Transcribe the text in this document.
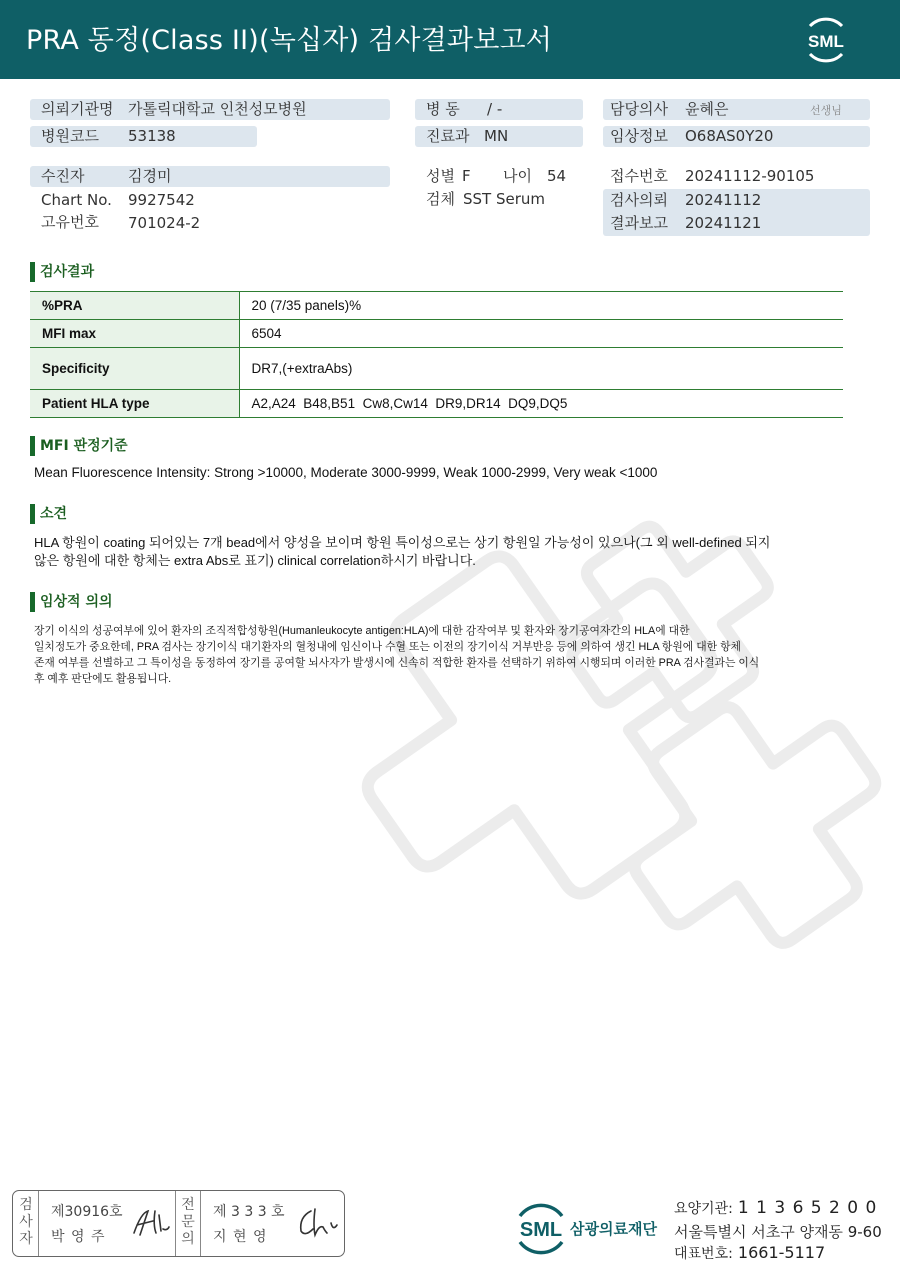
PRA 동정(Class II)(녹십자) 검사결과보고서	SML
의뢰기관명 가톨릭대학교 인천성모병원
병원코드 53138
병 동 / -
진료과 MN
담당의사 윤혜은	선생님
임상정보 O68AS0Y20
수진자	김경미
Chart No. 9927542
고유번호 701024-2
성별 F 나이 54
검체 SST Serum
접수번호 20241112-90105
검사의뢰 20241112
결과보고 20241121
검사결과
%PRA	20 (7/35 panels)%
MFI max	6504
Specificity	DR7,(+extraAbs)
Patient HLA type	A2,A24  B48,B51  Cw8,Cw14  DR9,DR14  DQ9,DQ5
MFI 판정기준
Mean Fluorescence Intensity: Strong >10000, Moderate 3000-9999, Weak 1000-2999, Very weak <1000
소견
HLA 항원이 coating 되어있는 7개 bead에서 양성을 보이며 항원 특이성으로는 상기 항원일 가능성이 있으나(그 외 well-defined 되지
않은 항원에 대한 항체는 extra Abs로 표기) clinical correlation하시기 바랍니다.
임상적 의의
장기 이식의 성공여부에 있어 환자의 조직적합성항원(Humanleukocyte antigen:HLA)에 대한 감작여부 및 환자와 장기공여자간의 HLA에 대한
일치정도가 중요한데, PRA 검사는 장기이식 대기환자의 혈청내에 임신이나 수혈 또는 이전의 장기이식 거부반응 등에 의하여 생긴 HLA 항원에 대한 항체
존재 여부를 선별하고 그 특이성을 동정하여 장기를 공여할 뇌사자가 발생시에 신속히 적합한 환자를 선택하기 위하여 시행되며 이러한 PRA 검사결과는 이식
후 예후 판단에도 활용됩니다.
검사자
제30916호
박 영 주
전문의
제 3 3 3 호
지 현 영	SML 삼광의료재단
요양기관: 1 1 3 6 5 2 0 0
서울특별시 서초구 양재동 9-60
대표번호: 1661-5117
